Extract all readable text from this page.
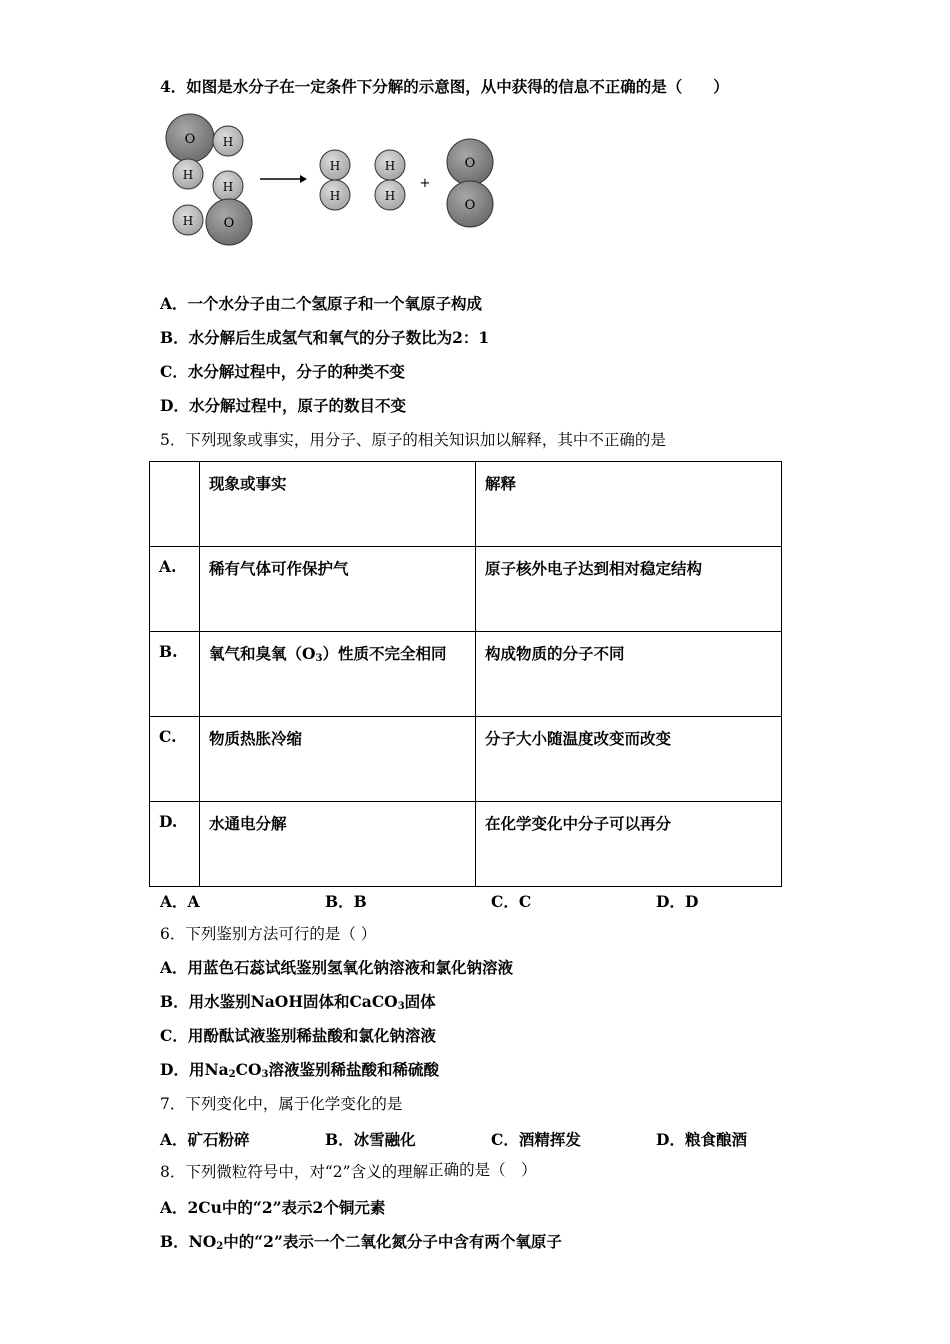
4．如图是水分子在一定条件下分解的示意图，从中获得的信息不正确的是（　　）
O H
H
H
H O
H
H
H
H
+
O
O
A．一个水分子由二个氢原子和一个氧原子构成
B．水分解后生成氢气和氧气的分子数比为2：1
C．水分解过程中，分子的种类不变
D．水分解过程中，原子的数目不变
5．下列现象或事实，用分子、原子的相关知识加以解释，其中不正确的是
	现象或事实	解释
A.	稀有气体可作保护气	原子核外电子达到相对稳定结构
B.	氧气和臭氧$(O_3)$性质不完全相同	构成物质的分子不同
C.	物质热胀冷缩	分子大小随温度改变而改变
D.	水通电分解	在化学变化中分子可以再分
A．A	B．B	C．C	D．D
6．下列鉴别方法可行的是（ ）
A．用蓝色石蕊试纸鉴别氢氧化钠溶液和氯化钠溶液
B．用水鉴别NaOH固体和CaCO$_3$固体
C．用酚酞试液鉴别稀盐酸和氯化钠溶液
D．用$Na_2CO_3$溶液鉴别稀盐酸和稀硫酸
7．下列变化中，属于化学变化的是
A．矿石粉碎	B．冰雪融化	C．酒精挥发	D．粮食酿酒
8．下列微粒符号中，对“2”含义的理解正确的是（　）
A．2Cu中的“2”表示2个铜元素
B．$NO_2$中的“2”表示一个二氧化氮分子中含有两个氧原子
